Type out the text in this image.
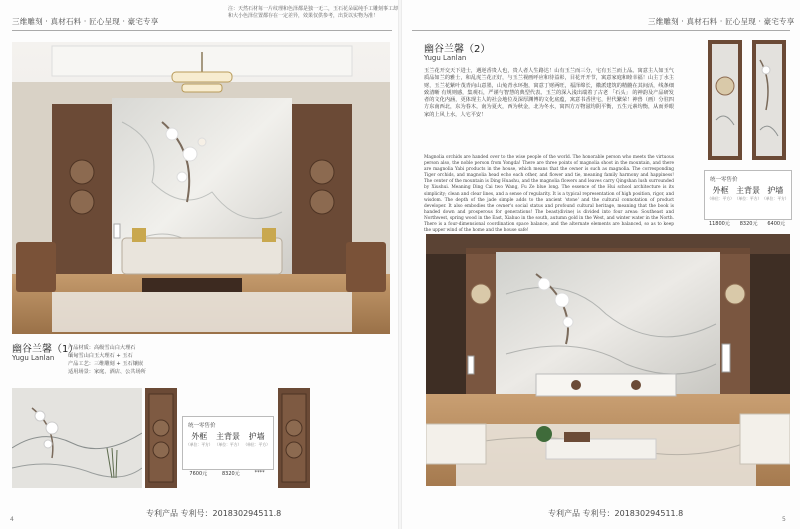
三维雕刻 · 真材石料 · 匠心呈现 · 豪宅专享
注：天然石材每一片纹理和色泽都是独一无二，玉石花朵属纯手工雕刻事工却和大小色泽位置都存在一定差异，效果仅供参考，出货以实物为准！
幽谷兰馨（1）
Yugu Lanlan
产品材质：高级雪山白大理石
缅甸雪山白玉大理石 + 玉石
产品工艺：三维雕刻 + 玉石镶嵌
适用场景：家庭、酒店、公共场所
统一零售价
外框
（单位：平方）
主背景
（单位：平方）
护墙
（单位：平方）
7600元	8320元	****
专利产品 专利号：201830294511.8
4
三维雕刻 · 真材石料 · 匠心呈现 · 豪宅专享
幽谷兰馨（2）
Yugu Lanlan
玉兰花开交天下进士，遇逆香贵人也，贵人者人生路达！山有玉兰而三分，宅有玉兰而上品。寓意主人如玉气质品如兰的雅士，和乱虎兰花正好，与玉兰视画呼应和待益彰，目花开开节，寓意家庭和睦幸福！山主丁水主财，玉兰花紫叶茂青向山意墨，山兔青水环抱，寓意丁财两旺，福泽绵长，徽派建筑的精髓在其间活，线条细致清晰 有规则感，集观石，严谨与智慧的典型代表。玉兰的深入浅出端着了古老 「石头」 的神韵及产品研发者的文化内涵，更体现主人的社会地位及深厚渊博的文化底蕴，寓意书香世宅，世代繁荣！神兽（画）分驻四方东南西北，东为春木，南为夏火，西为秋金，北为冬水，寓四方万物滋均阴平衡，五生元素均衡，从而养眼家的上风上水，人宅平安！
Magnolia orchids are handed over to the wise people of the world. The honorable person who meets the virtuous person also, the noble person from Yongda! There are three points of magnolia shoot in the mountain, and there are magnolia Yabi products in the house, which means that the owner is such as magnolia. The corresponding Tiger orchids, and magnolia head echo each other, and flower and tie, meaning family harmony and happiness! The center of the mountain is Ding Huashu, and the magnolia flowers and leaves carry Qingshan lush surrounded by Xiushui. Meaning Ding Cai two Wang, Fu Ze blue long. The essence of the Hui school architecture is its simplicity; clean and clear lines, and a sense of regularity. It is a typical representation of high position, rigor, and wisdom. The depth of the jade simple adds to the ancient 'stone' and the cultural connotation of product developer. It also embodies the owner's social status and profound cultural heritage, meaning that the book is handed down and prosperous for generations! The beast(divine) is divided into four areas: Southeast and Northwest, spring wood in the East, Xiahuo in the south, autumn gold in the West, and winter water in the North. There is a four-dimensional coordination space balance, and the alternate elements are balanced, so as to keep the upper wind of the home and the house safe!
统一零售价
外框
（单位：平方）
主背景
（单位：平方）
护墙
（单位：平方）
11800元 8320元 6400元
专利产品 专利号：201830294511.8
5
